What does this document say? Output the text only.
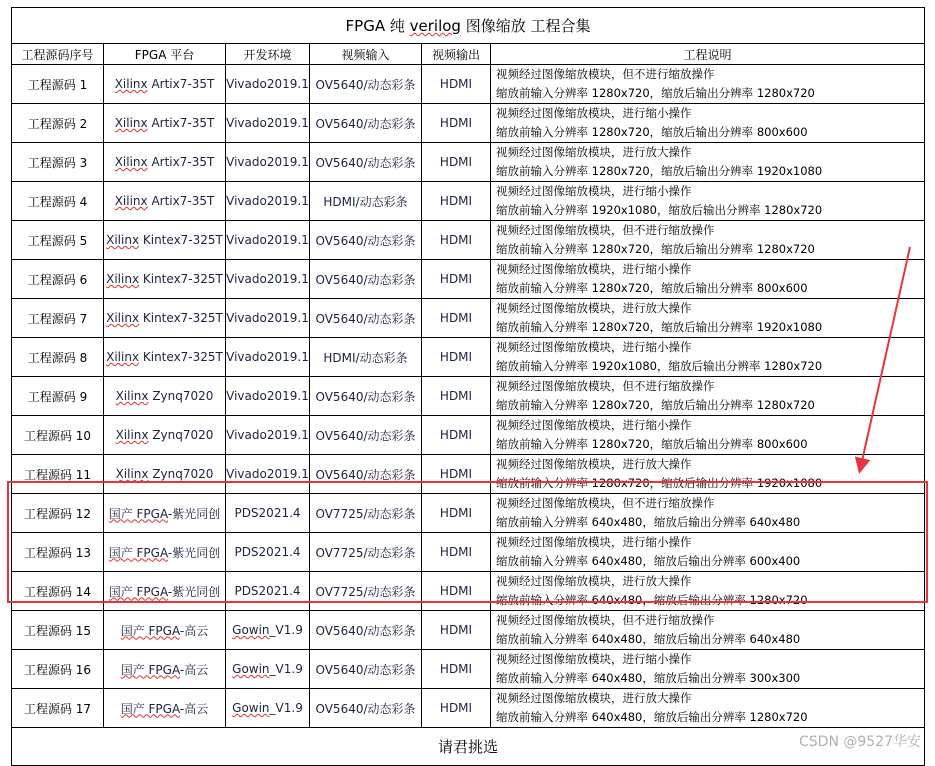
FPGA 纯 verilog 图像缩放 工程合集					
工程源码序号	FPGA 平台	开发环境	视频输入	视频输出	工程说明
工程源码 1	Xilinx Artix7-35T	Vivado2019.1	OV5640/动态彩条	HDMI	视频经过图像缩放模块，但不进行缩放操作
缩放前输入分辨率 1280x720，缩放后输出分辨率 1280x720

工程源码 2	Xilinx Artix7-35T	Vivado2019.1	OV5640/动态彩条	HDMI	视频经过图像缩放模块，进行缩小操作
缩放前输入分辨率 1280x720，缩放后输出分辨率 800x600

工程源码 3	Xilinx Artix7-35T	Vivado2019.1	OV5640/动态彩条	HDMI	视频经过图像缩放模块，进行放大操作
缩放前输入分辨率 1280x720，缩放后输出分辨率 1920x1080

工程源码 4	Xilinx Artix7-35T	Vivado2019.1	HDMI/动态彩条	HDMI	视频经过图像缩放模块，进行缩小操作
缩放前输入分辨率 1920x1080，缩放后输出分辨率 1280x720

工程源码 5	Xilinx Kintex7-325T	Vivado2019.1	OV5640/动态彩条	HDMI	视频经过图像缩放模块，但不进行缩放操作
缩放前输入分辨率 1280x720，缩放后输出分辨率 1280x720

工程源码 6	Xilinx Kintex7-325T	Vivado2019.1	OV5640/动态彩条	HDMI	视频经过图像缩放模块，进行缩小操作
缩放前输入分辨率 1280x720，缩放后输出分辨率 800x600

工程源码 7	Xilinx Kintex7-325T	Vivado2019.1	OV5640/动态彩条	HDMI	视频经过图像缩放模块，进行放大操作
缩放前输入分辨率 1280x720，缩放后输出分辨率 1920x1080

工程源码 8	Xilinx Kintex7-325T	Vivado2019.1	HDMI/动态彩条	HDMI	视频经过图像缩放模块，进行缩小操作
缩放前输入分辨率 1920x1080，缩放后输出分辨率 1280x720

工程源码 9	Xilinx Zynq7020	Vivado2019.1	OV5640/动态彩条	HDMI	视频经过图像缩放模块，但不进行缩放操作
缩放前输入分辨率 1280x720，缩放后输出分辨率 1280x720

工程源码 10	Xilinx Zynq7020	Vivado2019.1	OV5640/动态彩条	HDMI	视频经过图像缩放模块，进行缩小操作
缩放前输入分辨率 1280x720，缩放后输出分辨率 800x600

工程源码 11	Xilinx Zynq7020	Vivado2019.1	OV5640/动态彩条	HDMI	视频经过图像缩放模块，进行放大操作
缩放前输入分辨率 1280x720，缩放后输出分辨率 1920x1080

工程源码 12	国产 FPGA-紫光同创	PDS2021.4	OV7725/动态彩条	HDMI	视频经过图像缩放模块，但不进行缩放操作
缩放前输入分辨率 640x480，缩放后输出分辨率 640x480

工程源码 13	国产 FPGA-紫光同创	PDS2021.4	OV7725/动态彩条	HDMI	视频经过图像缩放模块，进行缩小操作
缩放前输入分辨率 640x480，缩放后输出分辨率 600x400

工程源码 14	国产 FPGA-紫光同创	PDS2021.4	OV7725/动态彩条	HDMI	视频经过图像缩放模块，进行放大操作
缩放前输入分辨率 640x480，缩放后输出分辨率 1280x720

工程源码 15	国产 FPGA-高云	Gowin_V1.9	OV5640/动态彩条	HDMI	视频经过图像缩放模块，但不进行缩放操作
缩放前输入分辨率 640x480，缩放后输出分辨率 640x480

工程源码 16	国产 FPGA-高云	Gowin_V1.9	OV5640/动态彩条	HDMI	视频经过图像缩放模块，进行缩小操作
缩放前输入分辨率 640x480，缩放后输出分辨率 300x300

工程源码 17	国产 FPGA-高云	Gowin_V1.9	OV5640/动态彩条	HDMI	视频经过图像缩放模块，进行放大操作
缩放前输入分辨率 640x480，缩放后输出分辨率 1280x720

请君挑选						CSDN @9527华安
